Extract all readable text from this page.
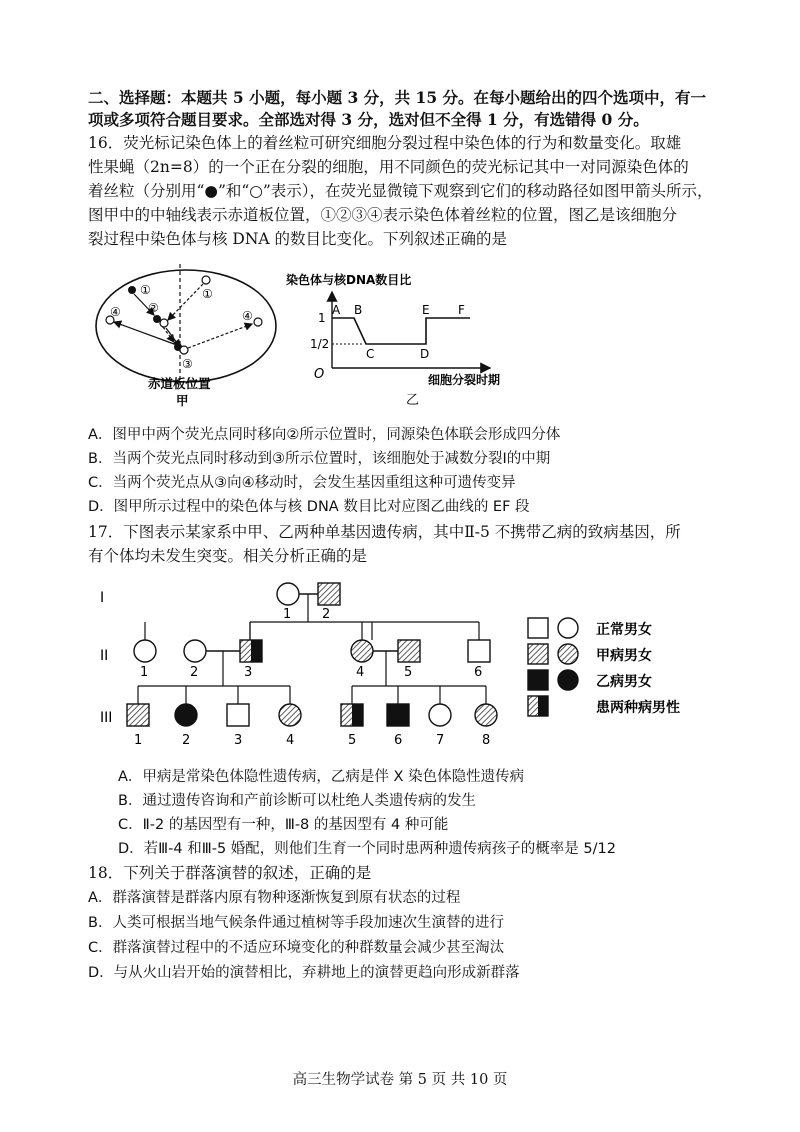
二、选择题：本题共 5 小题，每小题 3 分，共 15 分。在每小题给出的四个选项中，有一
项或多项符合题目要求。全部选对得 3 分，选对但不全得 1 分，有选错得 0 分。
16．荧光标记染色体上的着丝粒可研究细胞分裂过程中染色体的行为和数量变化。取雄
性果蝇（2n=8）的一个正在分裂的细胞，用不同颜色的荧光标记其中一对同源染色体的
着丝粒（分别用“●”和“○”表示），在荧光显微镜下观察到它们的移动路径如图甲箭头所示，
图甲中的中轴线表示赤道板位置，①②③④表示染色体着丝粒的位置，图乙是该细胞分
裂过程中染色体与核 DNA 的数目比变化。下列叙述正确的是
①	①
②
③
④	④
赤道板位置
甲
染色体与核DNA数目比
O
1
1/2
A B
C	D
E F
细胞分裂时期
乙
A．图甲中两个荧光点同时移向②所示位置时，同源染色体联会形成四分体
B．当两个荧光点同时移动到③所示位置时，该细胞处于减数分裂Ⅰ的中期
C．当两个荧光点从③向④移动时，会发生基因重组这种可遗传变异
D．图甲所示过程中的染色体与核 DNA 数目比对应图乙曲线的 EF 段
17．下图表示某家系中甲、乙两种单基因遗传病，其中Ⅱ-5 不携带乙病的致病基因，所
有个体均未发生突变。相关分析正确的是
I
II
III
1 2
1	2	3	4	5	6
1	2	3	4	5	6	7	8
正常男女
甲病男女
乙病男女
患两种病男性
A．甲病是常染色体隐性遗传病，乙病是伴 X 染色体隐性遗传病
B．通过遗传咨询和产前诊断可以杜绝人类遗传病的发生
C．Ⅱ-2 的基因型有一种，Ⅲ-8 的基因型有 4 种可能
D．若Ⅲ-4 和Ⅲ-5 婚配，则他们生育一个同时患两种遗传病孩子的概率是 5/12
18．下列关于群落演替的叙述，正确的是
A．群落演替是群落内原有物种逐渐恢复到原有状态的过程
B．人类可根据当地气候条件通过植树等手段加速次生演替的进行
C．群落演替过程中的不适应环境变化的种群数量会减少甚至淘汰
D．与从火山岩开始的演替相比，弃耕地上的演替更趋向形成新群落
高三生物学试卷 第 5 页 共 10 页
